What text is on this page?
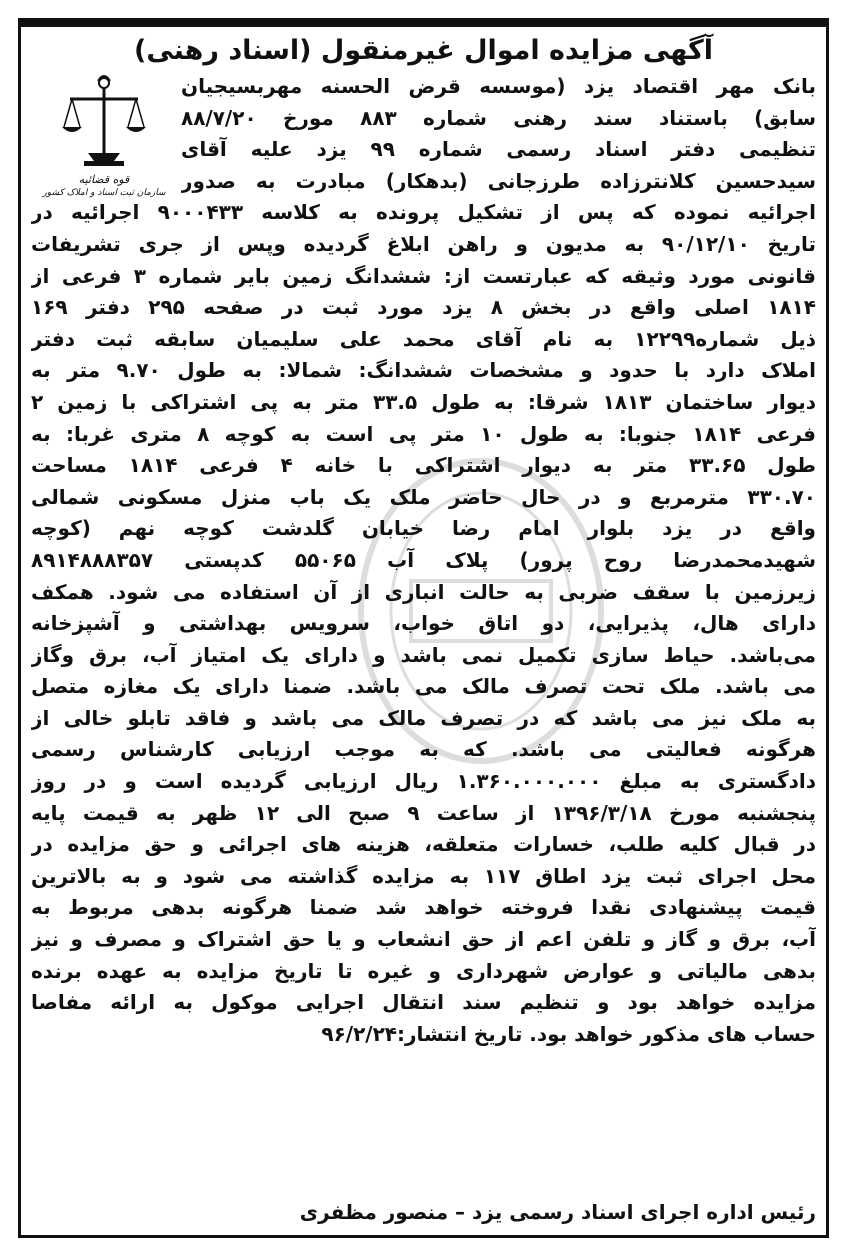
آگهی مزایده اموال غیرمنقول (اسناد رهنی)
قوه قضائیه
سازمان ثبت اسناد و املاک کشور
بانک مهر اقتصاد یزد (موسسه قرض الحسنه مهربسیجیان
سابق) باستناد سند رهنی شماره ۸۸۳ مورخ ۸۸/۷/۲۰
تنظیمی دفتر اسناد رسمی شماره ۹۹ یزد علیه آقای
سیدحسین کلانترزاده طرزجانی (بدهکار) مبادرت به صدور
اجرائیه نموده که پس از تشکیل پرونده به کلاسه ۹۰۰۰۴۳۳ اجرائیه در
تاریخ ۹۰/۱۲/۱۰ به مدیون و راهن ابلاغ گردیده وپس از جری تشریفات
قانونی مورد وثیقه که عبارتست از: ششدانگ زمین بایر شماره ۳ فرعی از
۱۸۱۴ اصلی واقع در بخش ۸ یزد مورد ثبت در صفحه ۲۹۵ دفتر ۱۶۹
ذیل شماره۱۲۲۹۹ به نام آقای محمد علی سلیمیان سابقه ثبت دفتر
املاک دارد با حدود و مشخصات ششدانگ: شمالا: به طول ۹.۷۰ متر به
دیوار ساختمان ۱۸۱۳ شرقا: به طول ۳۳.۵ متر به پی اشتراکی با زمین ۲
فرعی ۱۸۱۴ جنوبا: به طول ۱۰ متر پی است به کوچه ۸ متری غربا: به
طول ۳۳.۶۵ متر به دیوار اشتراکی با خانه ۴ فرعی ۱۸۱۴ مساحت
۳۳۰.۷۰ مترمربع و در حال حاضر ملک یک باب منزل مسکونی شمالی
واقع در یزد بلوار امام رضا خیابان گلدشت کوچه نهم (کوچه
شهیدمحمدرضا روح پرور) پلاک آب ۵۵۰۶۵ کدپستی ۸۹۱۴۸۸۸۳۵۷
زیرزمین با سقف ضربی به حالت انباری از آن استفاده می شود. همکف
دارای هال، پذیرایی، دو اتاق خواب، سرویس بهداشتی و آشپزخانه
می‌باشد. حیاط سازی تکمیل نمی باشد و دارای یک امتیاز آب، برق وگاز
می باشد. ملک تحت تصرف مالک می باشد. ضمنا دارای یک مغازه متصل
به ملک نیز می باشد که در تصرف مالک می باشد و فاقد تابلو خالی از
هرگونه فعالیتی می باشد. که به موجب ارزیابی کارشناس رسمی
دادگستری به مبلغ ۱.۳۶۰.۰۰۰.۰۰۰ ریال ارزیابی گردیده است و در روز
پنجشنبه مورخ ۱۳۹۶/۳/۱۸ از ساعت ۹ صبح الی ۱۲ ظهر به قیمت پایه
در قبال کلیه طلب، خسارات متعلقه، هزینه های اجرائی و حق مزایده در
محل اجرای ثبت یزد اطاق ۱۱۷ به مزایده گذاشته می شود و به بالاترین
قیمت پیشنهادی نقدا فروخته خواهد شد ضمنا هرگونه بدهی مربوط به
آب، برق و گاز و تلفن اعم از حق انشعاب و یا حق اشتراک و مصرف و نیز
بدهی مالیاتی و عوارض شهرداری و غیره تا تاریخ مزایده به عهده برنده
مزایده خواهد بود و تنظیم سند انتقال اجرایی موکول به ارائه مفاصا
حساب های مذکور خواهد بود. تاریخ انتشار:۹۶/۲/۲۴
رئیس اداره اجرای اسناد رسمی یزد – منصور مظفری
